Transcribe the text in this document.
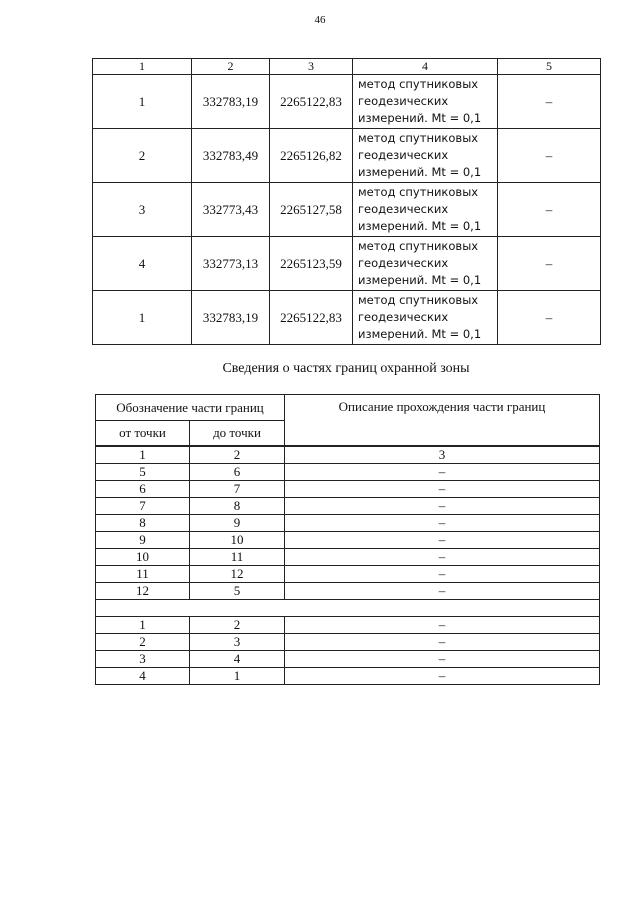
46
1	2	3	4	5
1	332783,19	2265122,83	метод спутниковых
геодезических
измерений. Mt = 0,1	–
2	332783,49	2265126,82	метод спутниковых
геодезических
измерений. Mt = 0,1	–
3	332773,43	2265127,58	метод спутниковых
геодезических
измерений. Mt = 0,1	–
4	332773,13	2265123,59	метод спутниковых
геодезических
измерений. Mt = 0,1	–
1	332783,19	2265122,83	метод спутниковых
геодезических
измерений. Mt = 0,1	–
Сведения о частях границ охранной зоны
Обозначение части границ		Описание прохождения части границ
от точки	до точки	
1	2	3
5	6	–
6	7	–
7	8	–
8	9	–
9	10	–
10	11	–
11	12	–
12	5	–

1	2	–
2	3	–
3	4	–
4	1	–
